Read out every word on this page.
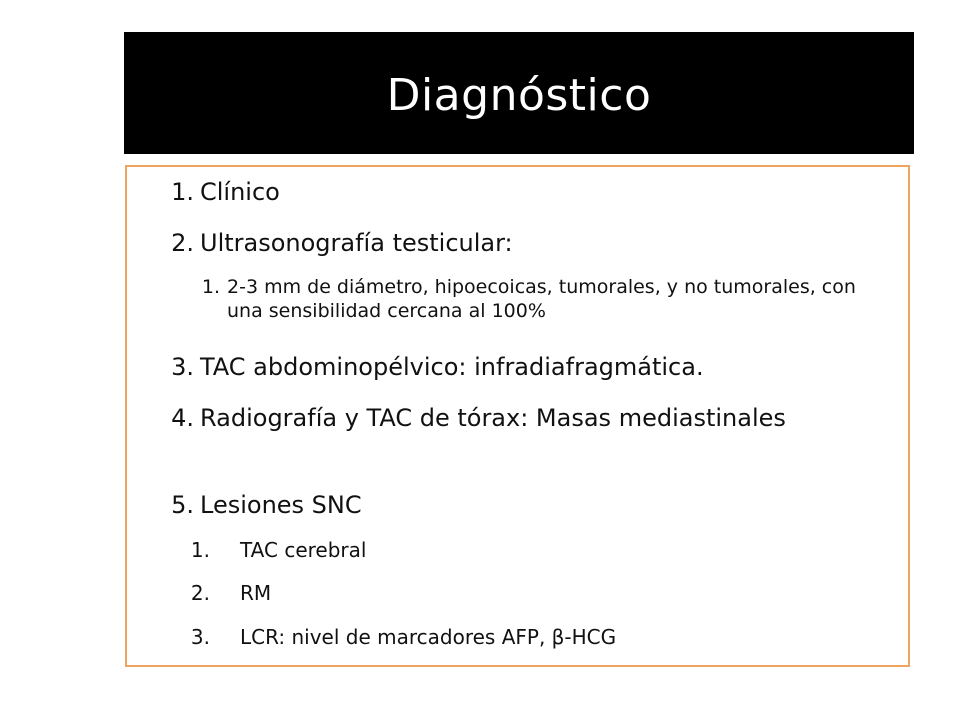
Diagnóstico
1. Clínico
2. Ultrasonografía testicular:
1. 2-3 mm de diámetro, hipoecoicas, tumorales, y no tumorales, con una sensibilidad cercana al 100%
3. TAC abdominopélvico: infradiafragmática.
4. Radiografía y TAC de tórax: Masas mediastinales
5. Lesiones SNC
1. TAC cerebral
2. RM
3. LCR: nivel de marcadores AFP, β-HCG
